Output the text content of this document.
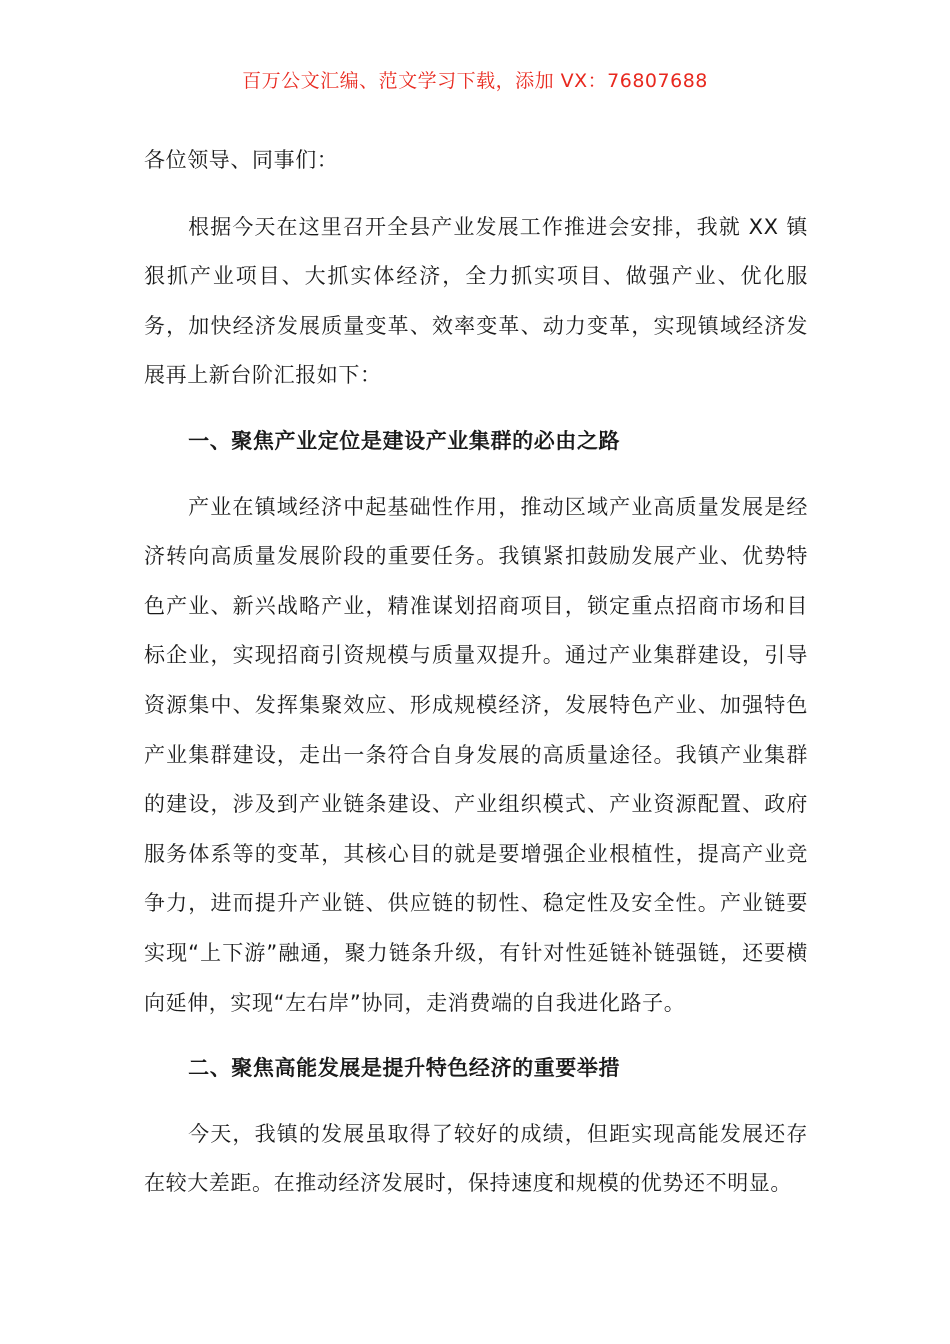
百万公文汇编、范文学习下载，添加 VX：76807688

各位领导、同事们：

根据今天在这里召开全县产业发展工作推进会安排，我就 XX 镇狠抓产业项目、大抓实体经济，全力抓实项目、做强产业、优化服务，加快经济发展质量变革、效率变革、动力变革，实现镇域经济发展再上新台阶汇报如下：

一、聚焦产业定位是建设产业集群的必由之路

产业在镇域经济中起基础性作用，推动区域产业高质量发展是经济转向高质量发展阶段的重要任务。我镇紧扣鼓励发展产业、优势特色产业、新兴战略产业，精准谋划招商项目，锁定重点招商市场和目标企业，实现招商引资规模与质量双提升。通过产业集群建设，引导资源集中、发挥集聚效应、形成规模经济，发展特色产业、加强特色产业集群建设，走出一条符合自身发展的高质量途径。我镇产业集群的建设，涉及到产业链条建设、产业组织模式、产业资源配置、政府服务体系等的变革，其核心目的就是要增强企业根植性，提高产业竞争力，进而提升产业链、供应链的韧性、稳定性及安全性。产业链要实现“上下游”融通，聚力链条升级，有针对性延链补链强链，还要横向延伸，实现“左右岸”协同，走消费端的自我进化路子。

二、聚焦高能发展是提升特色经济的重要举措

今天，我镇的发展虽取得了较好的成绩，但距实现高能发展还存在较大差距。在推动经济发展时，保持速度和规模的优势还不明显。
